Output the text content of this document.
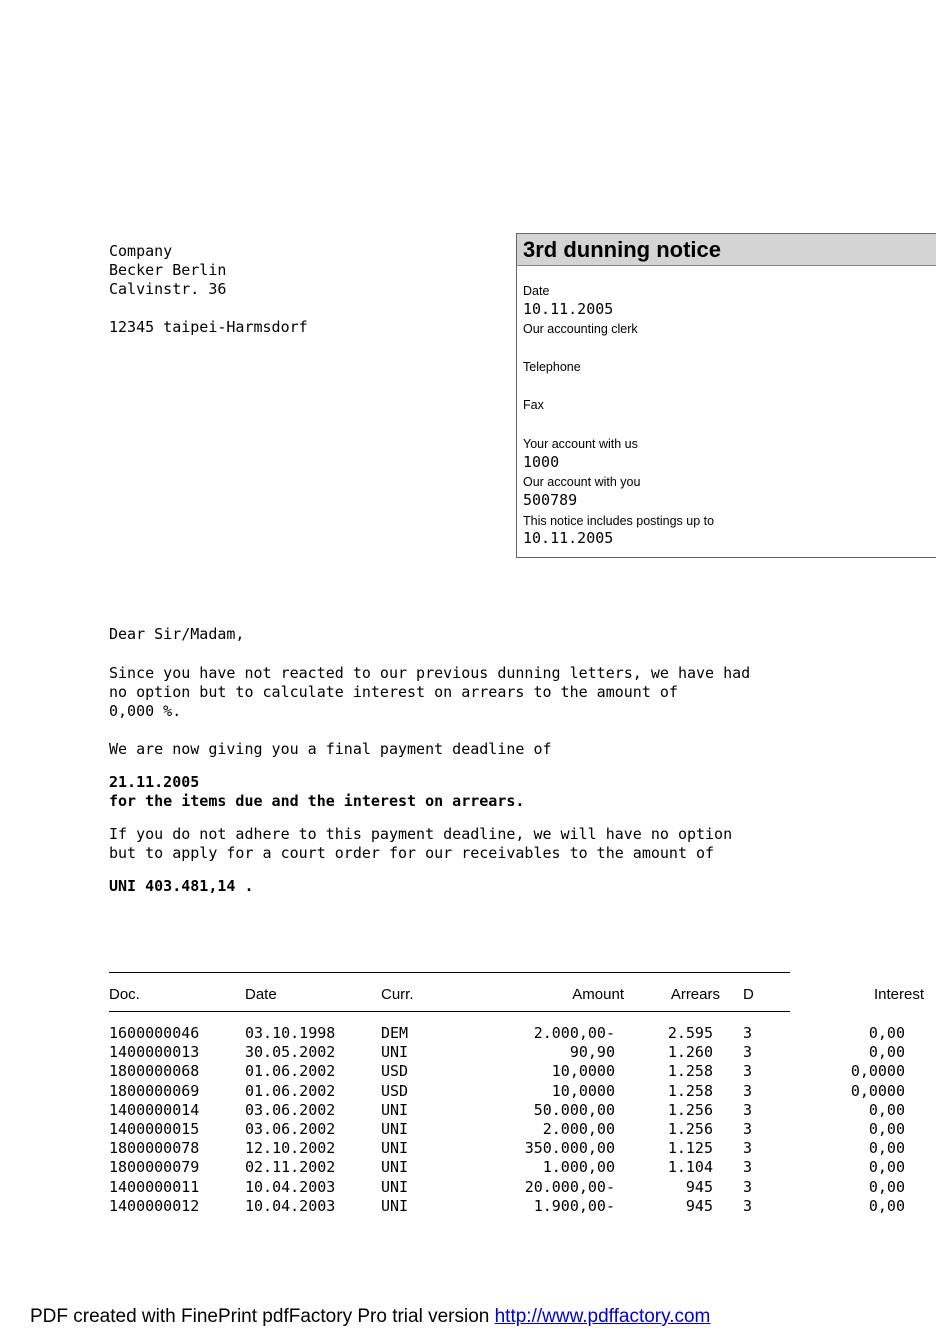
Company
Becker Berlin
Calvinstr. 36
12345 taipei-Harmsdorf
3rd dunning notice
Date
10.11.2005
Our accounting clerk
Telephone
Fax
Your account with us
1000
Our account with you
500789
This notice includes postings up to
10.11.2005
Dear Sir/Madam,
Since you have not reacted to our previous dunning letters, we have had
no option but to calculate interest on arrears to the amount of
0,000 %.
We are now giving you a final payment deadline of
21.11.2005
for the items due and the interest on arrears.
If you do not adhere to this payment deadline, we will have no option
but to apply for a court order for our receivables to the amount of
UNI 403.481,14 .
Doc.	Date	Curr.	Amount	Arrears D	Interest
1600000046	03.10.1998	DEM	2.000,00-	2.595 3	0,00
1400000013	30.05.2002	UNI	90,90	1.260 3	0,00
1800000068	01.06.2002	USD	10,0000	1.258 3	0,0000
1800000069	01.06.2002	USD	10,0000	1.258 3	0,0000
1400000014	03.06.2002	UNI	50.000,00	1.256 3	0,00
1400000015	03.06.2002	UNI	2.000,00	1.256 3	0,00
1800000078	12.10.2002	UNI	350.000,00	1.125 3	0,00
1800000079	02.11.2002	UNI	1.000,00	1.104 3	0,00
1400000011	10.04.2003	UNI	20.000,00-	945 3	0,00
1400000012	10.04.2003	UNI	1.900,00-	945 3	0,00
PDF created with FinePrint pdfFactory Pro trial version http://www.pdffactory.com
